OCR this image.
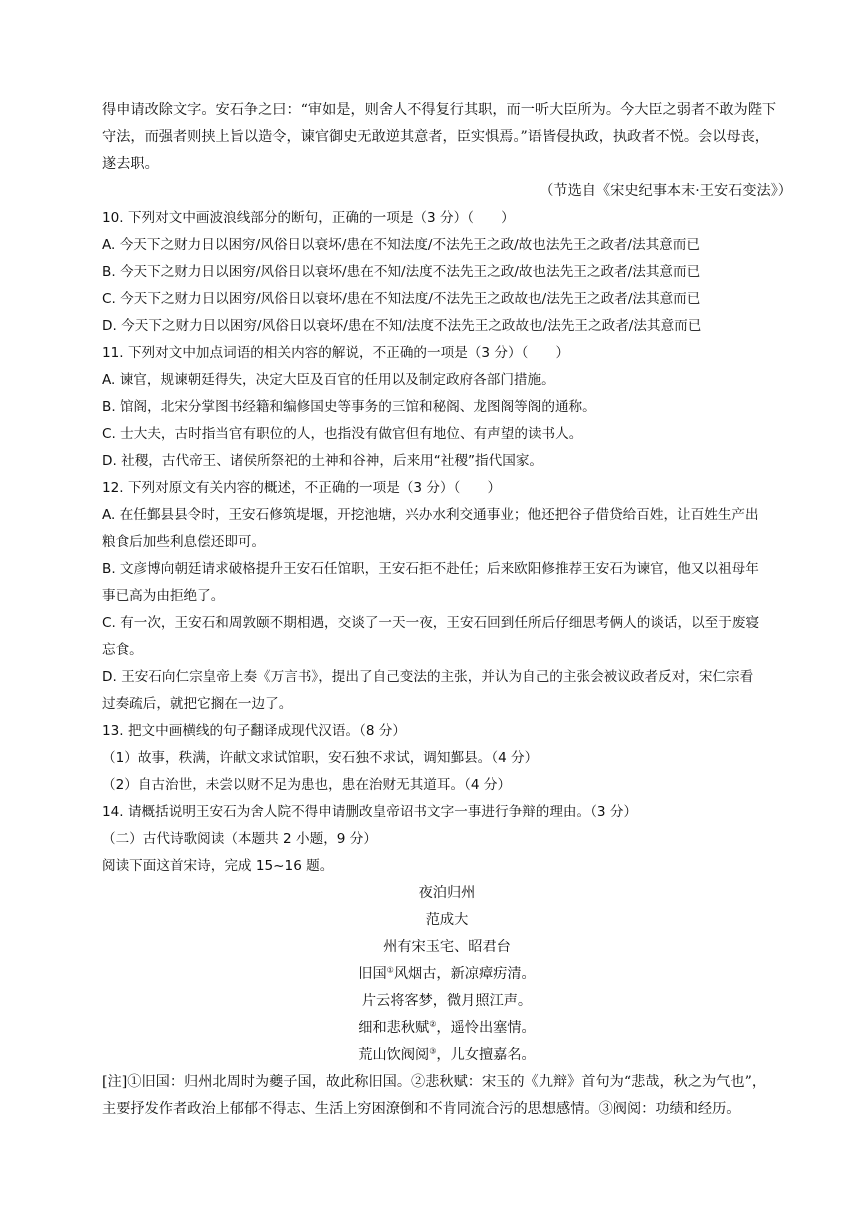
得申请改除文字。安石争之曰：“审如是，则舍人不得复行其职，而一听大臣所为。今大臣之弱者不敢为陛下
守法，而强者则挟上旨以造令，谏官御史无敢逆其意者，臣实惧焉。”语皆侵执政，执政者不悦。会以母丧，
遂去职。
（节选自《宋史纪事本末·王安石变法》）
10. 下列对文中画波浪线部分的断句，正确的一项是（3 分）（　　）
A. 今天下之财力日以困穷/风俗日以衰坏/患在不知法度/不法先王之政/故也法先王之政者/法其意而已
B. 今天下之财力日以困穷/风俗日以衰坏/患在不知/法度不法先王之政/故也法先王之政者/法其意而已
C. 今天下之财力日以困穷/风俗日以衰坏/患在不知法度/不法先王之政故也/法先王之政者/法其意而已
D. 今天下之财力日以困穷/风俗日以衰坏/患在不知/法度不法先王之政故也/法先王之政者/法其意而已
11. 下列对文中加点词语的相关内容的解说，不正确的一项是（3 分）（　　）
A. 谏官，规谏朝廷得失，决定大臣及百官的任用以及制定政府各部门措施。
B. 馆阁，北宋分掌图书经籍和编修国史等事务的三馆和秘阁、龙图阁等阁的通称。
C. 士大夫，古时指当官有职位的人，也指没有做官但有地位、有声望的读书人。
D. 社稷，古代帝王、诸侯所祭祀的土神和谷神，后来用“社稷”指代国家。
12. 下列对原文有关内容的概述，不正确的一项是（3 分）（　　）
A. 在任鄞县县令时，王安石修筑堤堰，开挖池塘，兴办水利交通事业；他还把谷子借贷给百姓，让百姓生产出
粮食后加些利息偿还即可。
B. 文彦博向朝廷请求破格提升王安石任馆职，王安石拒不赴任；后来欧阳修推荐王安石为谏官，他又以祖母年
事已高为由拒绝了。
C. 有一次，王安石和周敦颐不期相遇，交谈了一天一夜，王安石回到任所后仔细思考俩人的谈话，以至于废寝
忘食。
D. 王安石向仁宗皇帝上奏《万言书》，提出了自己变法的主张，并认为自己的主张会被议政者反对，宋仁宗看
过奏疏后，就把它搁在一边了。
13. 把文中画横线的句子翻译成现代汉语。（8 分）
（1）故事，秩满，许献文求试馆职，安石独不求试，调知鄞县。（4 分）
（2）自古治世，未尝以财不足为患也，患在治财无其道耳。（4 分）
14. 请概括说明王安石为舍人院不得申请删改皇帝诏书文字一事进行争辩的理由。（3 分）
（二）古代诗歌阅读（本题共 2 小题，9 分）
阅读下面这首宋诗，完成 15~16 题。
夜泊归州
范成大
州有宋玉宅、昭君台
旧国①风烟古，新凉瘴疠清。
片云将客梦，微月照江声。
细和悲秋赋②，遥怜出塞情。
荒山饮阀阅③，儿女擅嘉名。
[注]①旧国：归州北周时为夔子国，故此称旧国。②悲秋赋：宋玉的《九辩》首句为“悲哉，秋之为气也”，
主要抒发作者政治上郁郁不得志、生活上穷困潦倒和不肯同流合污的思想感情。③阀阅：功绩和经历。
